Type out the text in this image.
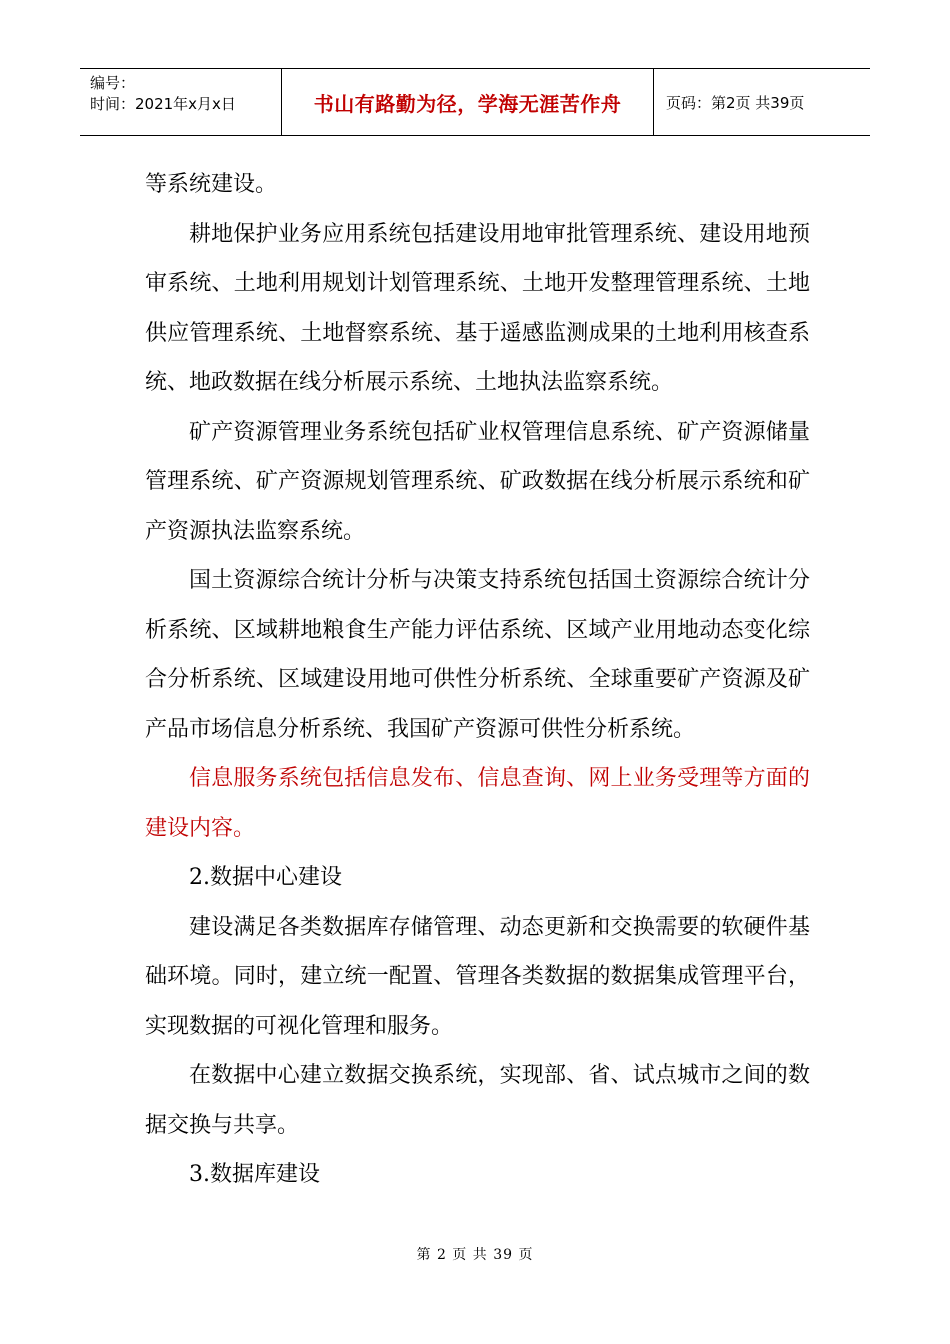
编号：
时间：2021年x月x日	书山有路勤为径，学海无涯苦作舟	页码：第2页 共39页

等系统建设。

耕地保护业务应用系统包括建设用地审批管理系统、建设用地预审系统、土地利用规划计划管理系统、土地开发整理管理系统、土地供应管理系统、土地督察系统、基于遥感监测成果的土地利用核查系统、地政数据在线分析展示系统、土地执法监察系统。

矿产资源管理业务系统包括矿业权管理信息系统、矿产资源储量管理系统、矿产资源规划管理系统、矿政数据在线分析展示系统和矿产资源执法监察系统。

国土资源综合统计分析与决策支持系统包括国土资源综合统计分析系统、区域耕地粮食生产能力评估系统、区域产业用地动态变化综合分析系统、区域建设用地可供性分析系统、全球重要矿产资源及矿产品市场信息分析系统、我国矿产资源可供性分析系统。

信息服务系统包括信息发布、信息查询、网上业务受理等方面的建设内容。

2.数据中心建设

建设满足各类数据库存储管理、动态更新和交换需要的软硬件基础环境。同时，建立统一配置、管理各类数据的数据集成管理平台，实现数据的可视化管理和服务。

在数据中心建立数据交换系统，实现部、省、试点城市之间的数据交换与共享。

3.数据库建设

第 2 页 共 39 页
